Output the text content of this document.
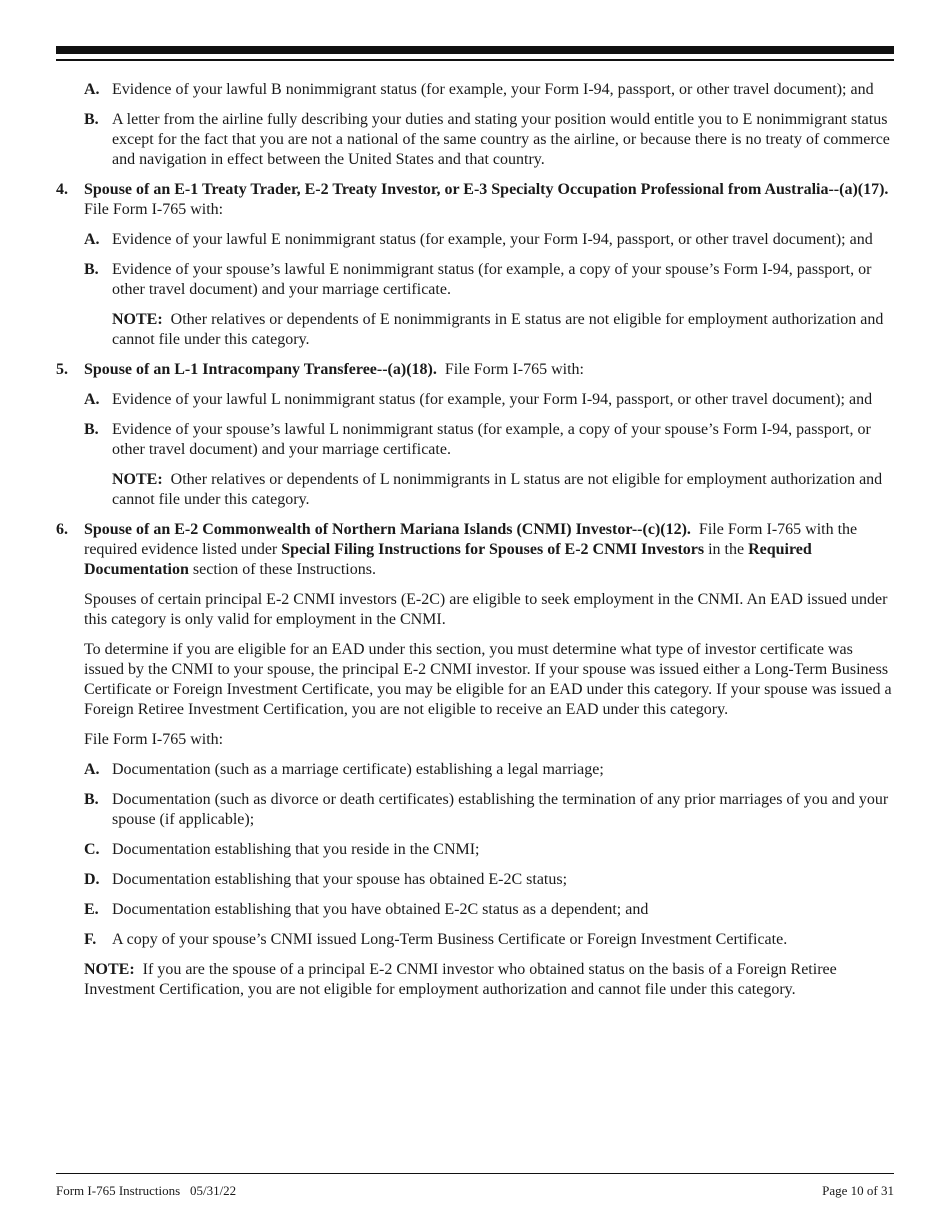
A. Evidence of your lawful B nonimmigrant status (for example, your Form I-94, passport, or other travel document); and

B. A letter from the airline fully describing your duties and stating your position would entitle you to E nonimmigrant status except for the fact that you are not a national of the same country as the airline, or because there is no treaty of commerce and navigation in effect between the United States and that country.

4. Spouse of an E-1 Treaty Trader, E-2 Treaty Investor, or E-3 Specialty Occupation Professional from Australia--(a)(17).  File Form I-765 with:

A. Evidence of your lawful E nonimmigrant status (for example, your Form I-94, passport, or other travel document); and

B. Evidence of your spouse’s lawful E nonimmigrant status (for example, a copy of your spouse’s Form I-94, passport, or other travel document) and your marriage certificate.

NOTE: Other relatives or dependents of E nonimmigrants in E status are not eligible for employment authorization and cannot file under this category.

5. Spouse of an L-1 Intracompany Transferee--(a)(18). File Form I-765 with:

A. Evidence of your lawful L nonimmigrant status (for example, your Form I-94, passport, or other travel document); and

B. Evidence of your spouse’s lawful L nonimmigrant status (for example, a copy of your spouse’s Form I-94, passport, or other travel document) and your marriage certificate.

NOTE: Other relatives or dependents of L nonimmigrants in L status are not eligible for employment authorization and cannot file under this category.

6. Spouse of an E-2 Commonwealth of Northern Mariana Islands (CNMI) Investor--(c)(12). File Form I-765 with the required evidence listed under Special Filing Instructions for Spouses of E-2 CNMI Investors in the Required Documentation section of these Instructions.

Spouses of certain principal E-2 CNMI investors (E-2C) are eligible to seek employment in the CNMI. An EAD issued under this category is only valid for employment in the CNMI.

To determine if you are eligible for an EAD under this section, you must determine what type of investor certificate was issued by the CNMI to your spouse, the principal E-2 CNMI investor. If your spouse was issued either a Long-Term Business Certificate or Foreign Investment Certificate, you may be eligible for an EAD under this category. If your spouse was issued a Foreign Retiree Investment Certification, you are not eligible to receive an EAD under this category.

File Form I-765 with:

A. Documentation (such as a marriage certificate) establishing a legal marriage;

B. Documentation (such as divorce or death certificates) establishing the termination of any prior marriages of you and your spouse (if applicable);

C. Documentation establishing that you reside in the CNMI;

D. Documentation establishing that your spouse has obtained E-2C status;

E. Documentation establishing that you have obtained E-2C status as a dependent; and

F. A copy of your spouse’s CNMI issued Long-Term Business Certificate or Foreign Investment Certificate.

NOTE: If you are the spouse of a principal E-2 CNMI investor who obtained status on the basis of a Foreign Retiree Investment Certification, you are not eligible for employment authorization and cannot file under this category.

Form I-765 Instructions   05/31/22	Page 10 of 31
